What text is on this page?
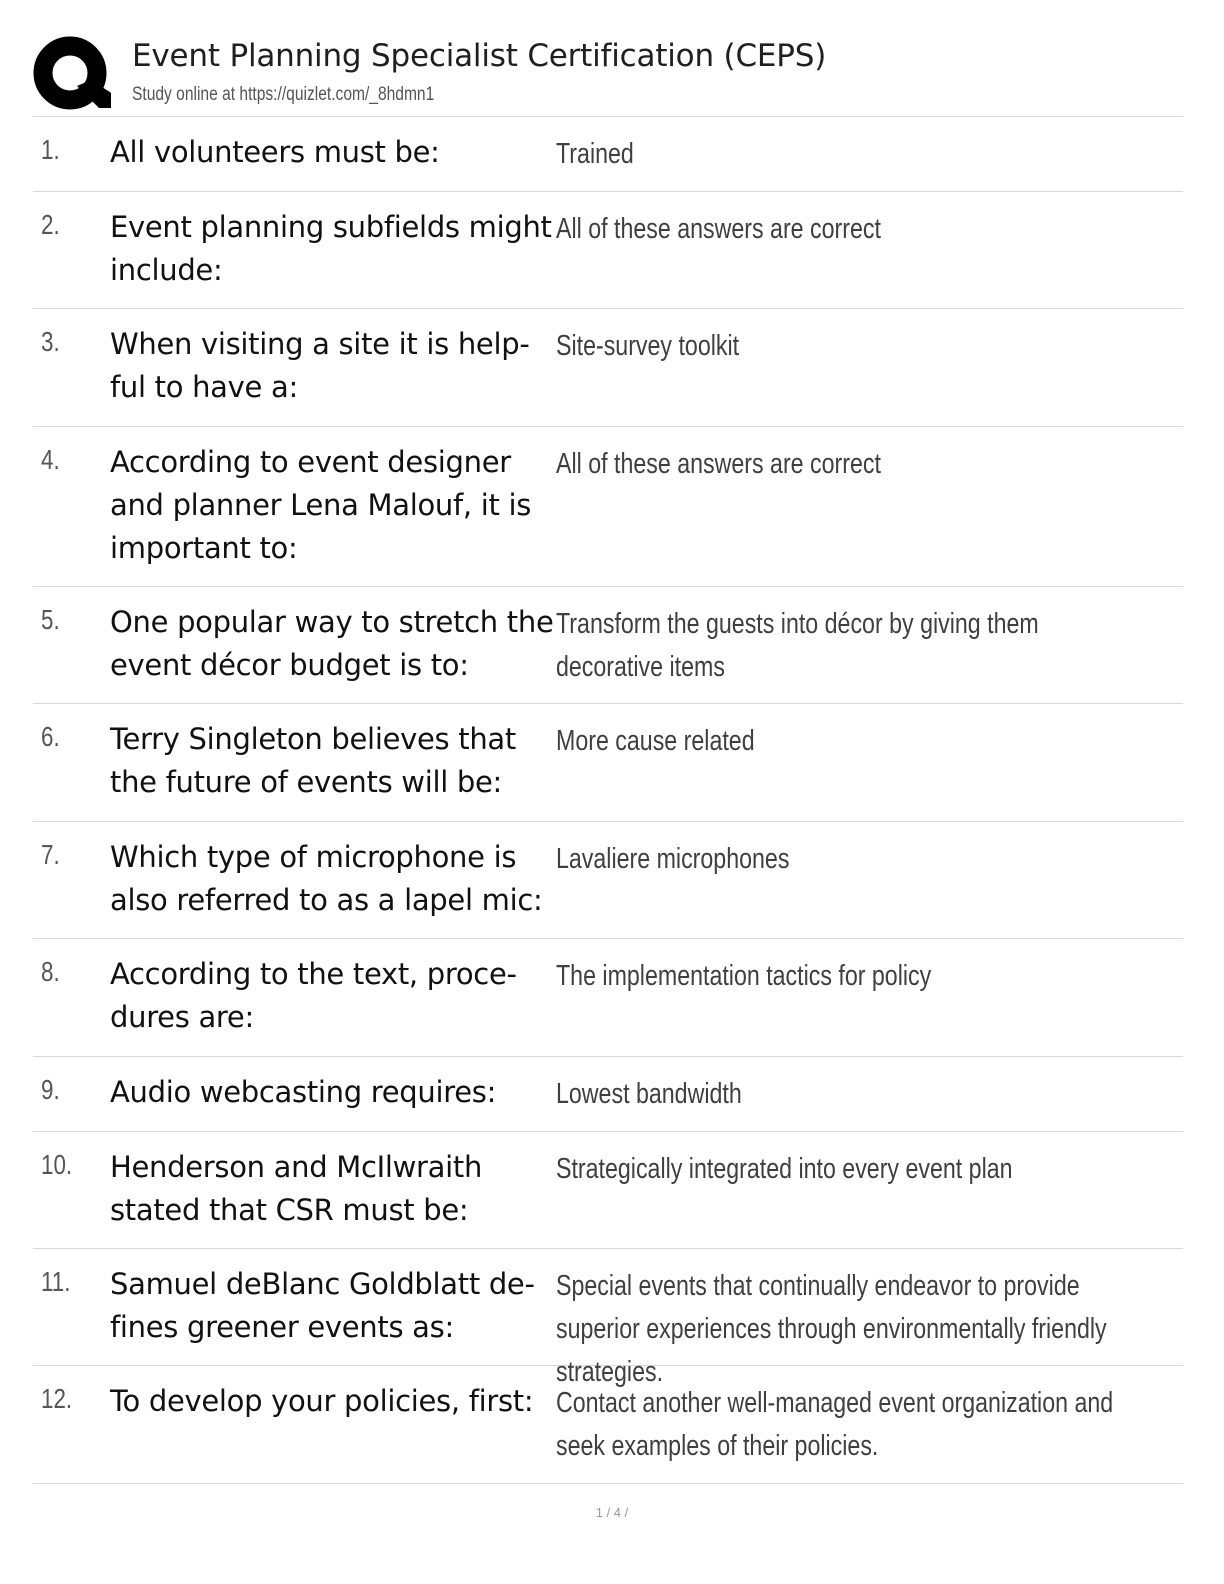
Event Planning Specialist Certification (CEPS)
Study online at https://quizlet.com/_8hdmn1
1. All volunteers must be:	Trained
2. Event planning subfields might include:
All of these answers are correct
3. When visiting a site it is help-ful to have a:
Site-survey toolkit
4. According to event designer and planner Lena Malouf, it is important to:
All of these answers are correct
5. One popular way to stretch the event décor budget is to:
Transform the guests into décor by giving them decorative items
6. Terry Singleton believes that the future of events will be:
More cause related
7. Which type of microphone is also referred to as a lapel mic:
Lavaliere microphones
8. According to the text, proce-dures are:
The implementation tactics for policy
9. Audio webcasting requires:	Lowest bandwidth
10. Henderson and McIlwraith stated that CSR must be:
Strategically integrated into every event plan
11. Samuel deBlanc Goldblatt de-fines greener events as:
Special events that continually endeavor to provide superior experiences through environmentally friendly strategies.
12. To develop your policies, first: Contact another well-managed event organization and seek examples of their policies.
1 / 4 /
